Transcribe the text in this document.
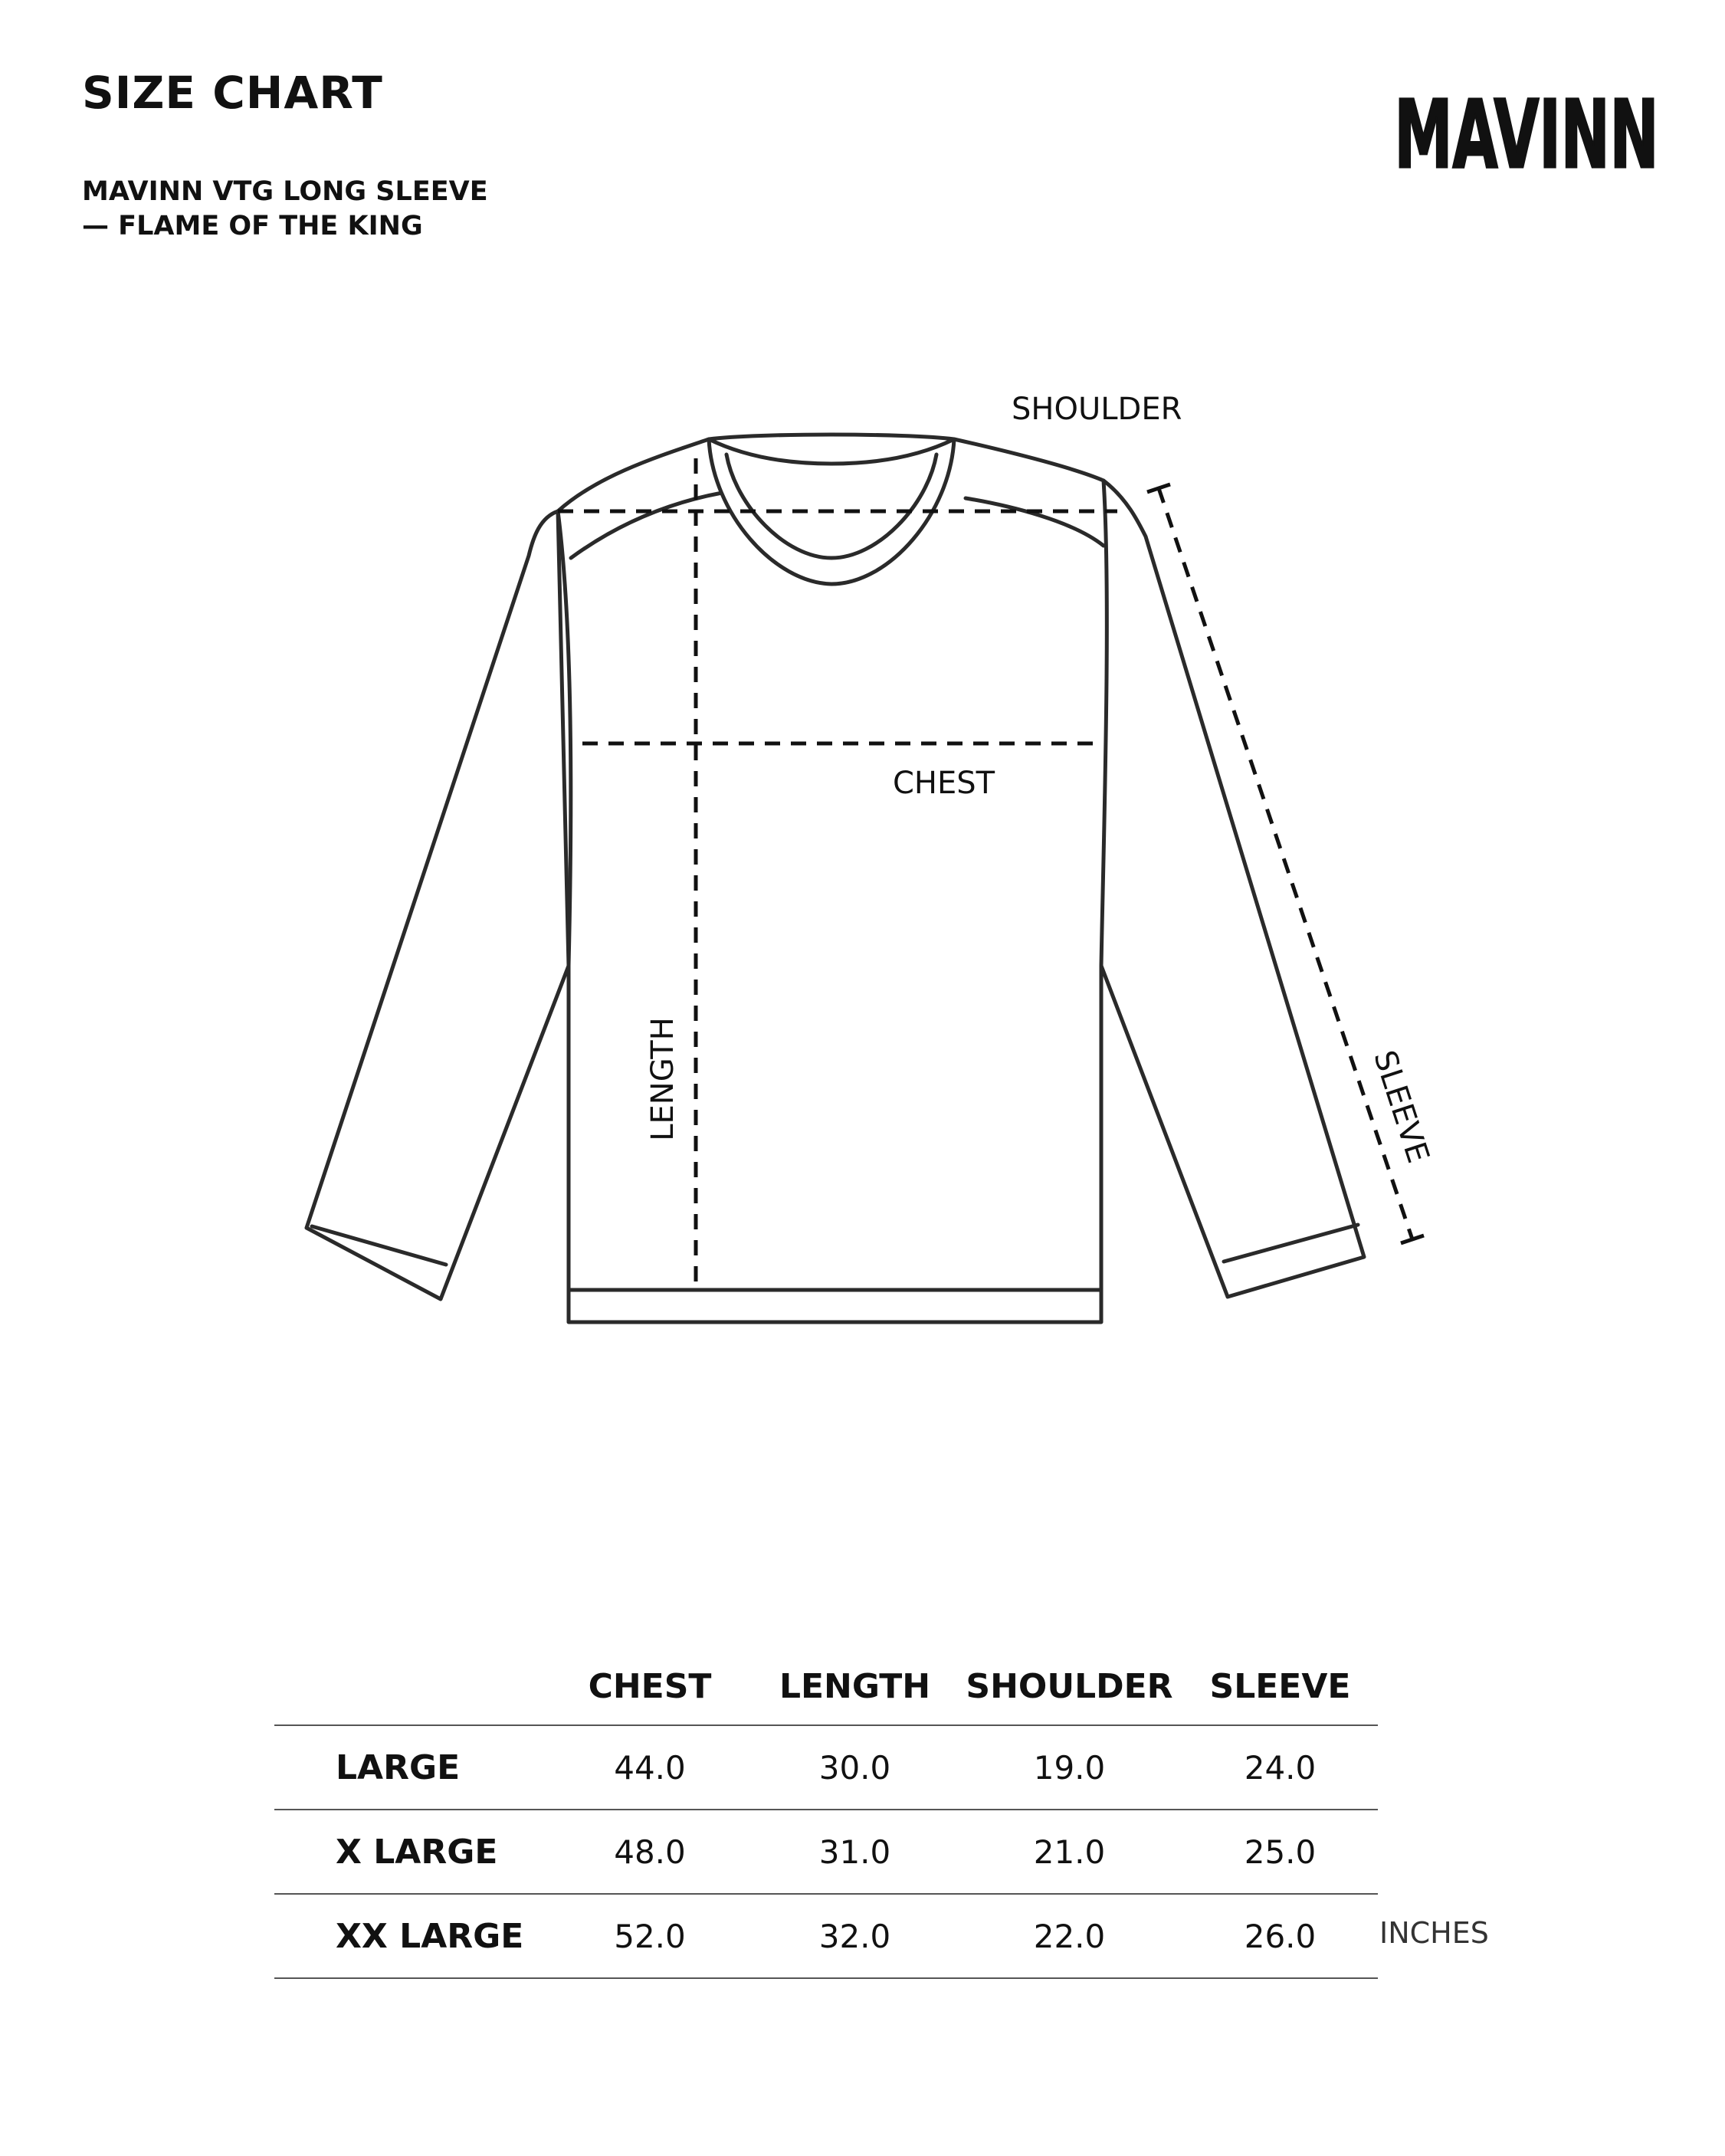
SIZE CHART
MAVINN VTG LONG SLEEVE
— FLAME OF THE KING
MAVINN
SHOULDER
CHEST
LENGTH	SLEEVE
	CHEST	LENGTH	SHOULDER	SLEEVE
LARGE	44.0	30.0	19.0	24.0
X LARGE	48.0	31.0	21.0	25.0
XX LARGE	52.0	32.0	22.0	26.0 INCHES
